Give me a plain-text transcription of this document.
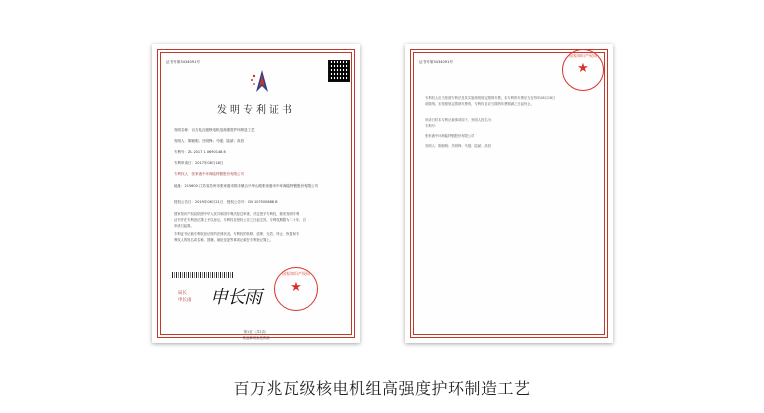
证书号第3434091号
发明专利证书
发明名称：百万兆瓦级核电机组高强度护环制造工艺
发明人：陈魁明；吕明锋；马强；陆斌；高昌
专利号：ZL 2017 1 0690148.6
专利申请日：2017年08月18日
专利权人：张家港中环海陆特锻股份有限公司
地址：215600 江苏省苏州市张家港市锦丰镇合兴华山路张家港市中环海陆特锻股份有限公司
授权公告日：2019年06月21日　授权公告号：CN 107500888 B
国家知识产权局依照中华人民共和国专利法经过审查，决定授予专利权，颁发发明专利
证书并在专利登记簿上予以登记。专利权自授权公告之日起生效。专利权期限为二十年，自
申请日起算。
专利证书记载专利权登记时的法律状况。专利权的转移、质押、无效、终止、恢复和专
利权人的姓名或名称、国籍、地址变更等事项记载在专利登记簿上。
局长
申长雨 申长雨
国家知识产权局
★
第1页（共2页）
其他事项参见背面
证书号第3434091号
国家知识产权局
★
专利权人应当依照专利法及其实施细则规定缴纳年费。本专利的年费应当在每年08月18日
前缴纳。未按照规定缴纳年费的，专利权自应当缴纳年费期满之日起终止。
申请日时本专利记载事项如下，发明人姓名为：
专利号：
张家港中环海陆特锻股份有限公司
发明人：陈魁明；吕明锋；马强；陆斌；高昌
百万兆瓦级核电机组高强度护环制造工艺
